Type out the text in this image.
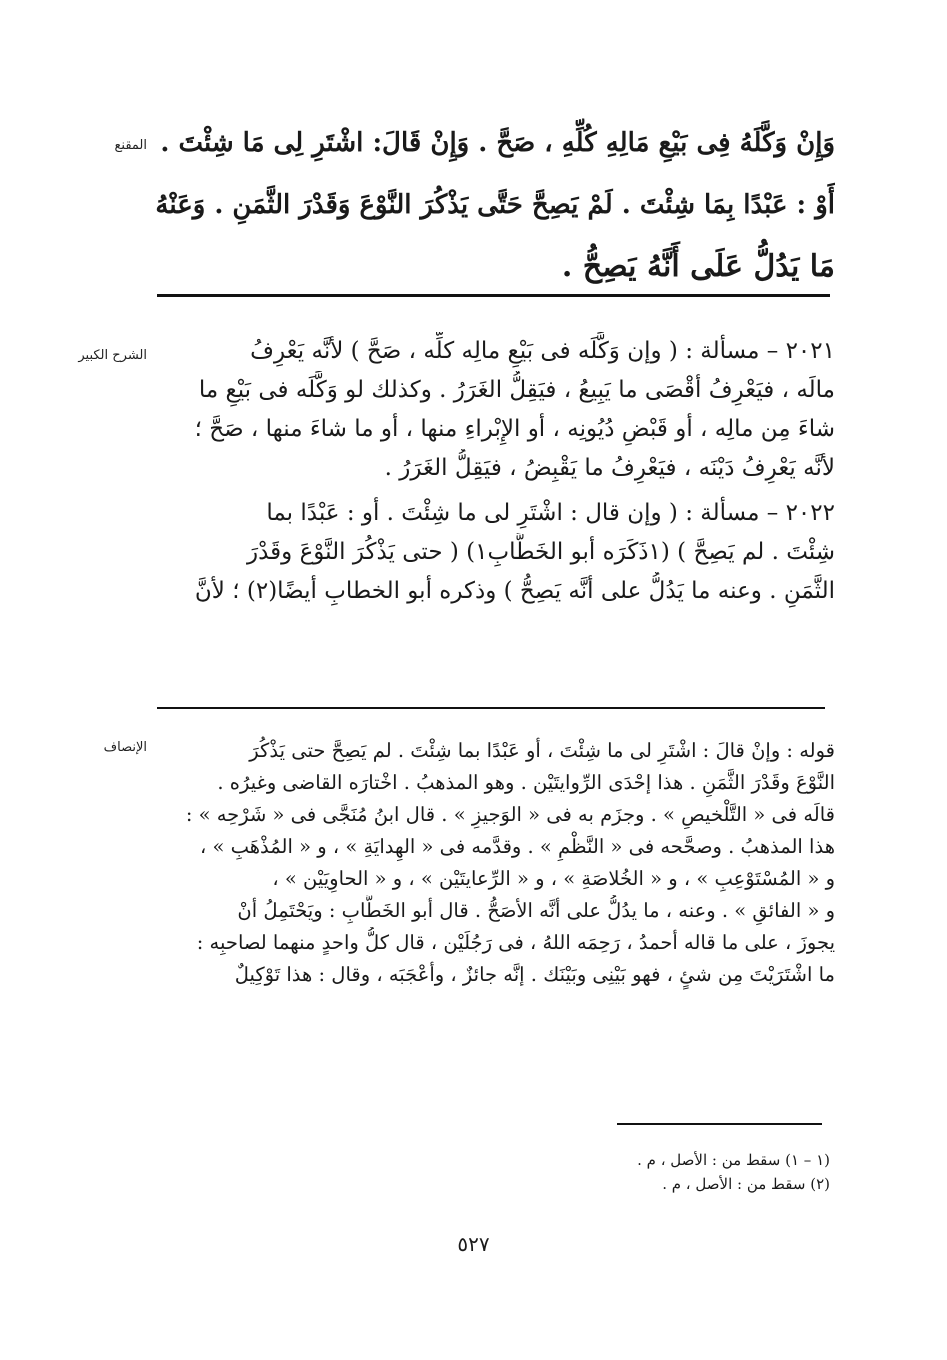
المقنع وَإِنْ وَكَّلَهُ فِى بَيْعِ مَالِهِ كُلِّهِ ، صَحَّ . وَإِنْ قَالَ: اشْتَرِ لِى مَا شِئْتَ .
أَوْ : عَبْدًا بِمَا شِئْتَ . لَمْ يَصِحَّ حَتَّى يَذْكُرَ النَّوْعَ وَقَدْرَ الثَّمَنِ . وَعَنْهُ
مَا يَدُلُّ عَلَى أَنَّهُ يَصِحُّ .
الشرح الكبير	٢٠٢١ – مسألة : ( وإن وَكَّلَه فى بَيْعِ مالِه كلِّه ، صَحَّ ) لأنَّه يَعْرِفُ
مالَه ، فيَعْرِفُ أقْصَى ما يَبِيعُ ، فيَقِلُّ الغَرَرُ . وكذلك لو وَكَّلَه فى بَيْعِ ما
شاءَ مِن مالِه ، أو قَبْضِ دُيُونِه ، أو الإِبْراءِ منها ، أو ما شاءَ منها ، صَحَّ ؛
لأنَّه يَعْرِفُ دَيْنَه ، فيَعْرِفُ ما يَقْبِضُ ، فيَقِلُّ الغَرَرُ .
٢٠٢٢ – مسألة : ( وإن قال : اشْتَرِ لى ما شِئْتَ . أو : عَبْدًا بما
شِئْتَ . لم يَصِحَّ ) (١ذَكَرَه أبو الخَطَّابِ١) ( حتى يَذْكُرَ النَّوْعَ وقَدْرَ
الثَّمَنِ . وعنه ما يَدُلُّ على أنَّه يَصِحُّ ) وذكره أبو الخطابِ أيضًا(٢) ؛ لأنَّ
الإنصاف	قوله : وإنْ قالَ : اشْتَرِ لى ما شِئْتَ ، أو عَبْدًا بما شِئْتَ . لم يَصِحَّ حتى يَذْكُرَ
النَّوْعَ وقَدْرَ الثَّمَنِ . هذا إحْدَى الرِّوايتَيْن . وهو المذهبُ . اخْتارَه القاضى وغيرُه .
قالَه فى « التَّلْخيصِ » . وجزَم به فى « الوَجيزِ » . قال ابنُ مُنَجَّى فى « شَرْحِه » :
هذا المذهبُ . وصحَّحه فى « النَّظْمِ » . وقدَّمه فى « الهِدايَةِ » ، و « المُذْهَبِ » ،
و « المُسْتَوْعِبِ » ، و « الخُلاصَةِ » ، و « الرِّعايتَيْن » ، و « الحاوِيَيْن » ،
و « الفائقِ » . وعنه ، ما يدُلُّ على أنَّه الأصَحُّ . قال أبو الخَطَّابِ : ويَحْتَمِلُ أنْ
يجوزَ ، على ما قاله أحمدُ ، رَحِمَه اللهُ ، فى رَجُلَيْن ، قال كلُّ واحدٍ منهما لصاحبِه :
ما اشْتَرَيْتَ مِن شئٍ ، فهو بَيْنِى وبَيْنَك . إنَّه جائزٌ ، وأعْجَبَه ، وقال : هذا تَوْكِيلٌ
(١ – ١) سقط من : الأصل ، م .
(٢) سقط من : الأصل ، م .
٥٢٧
